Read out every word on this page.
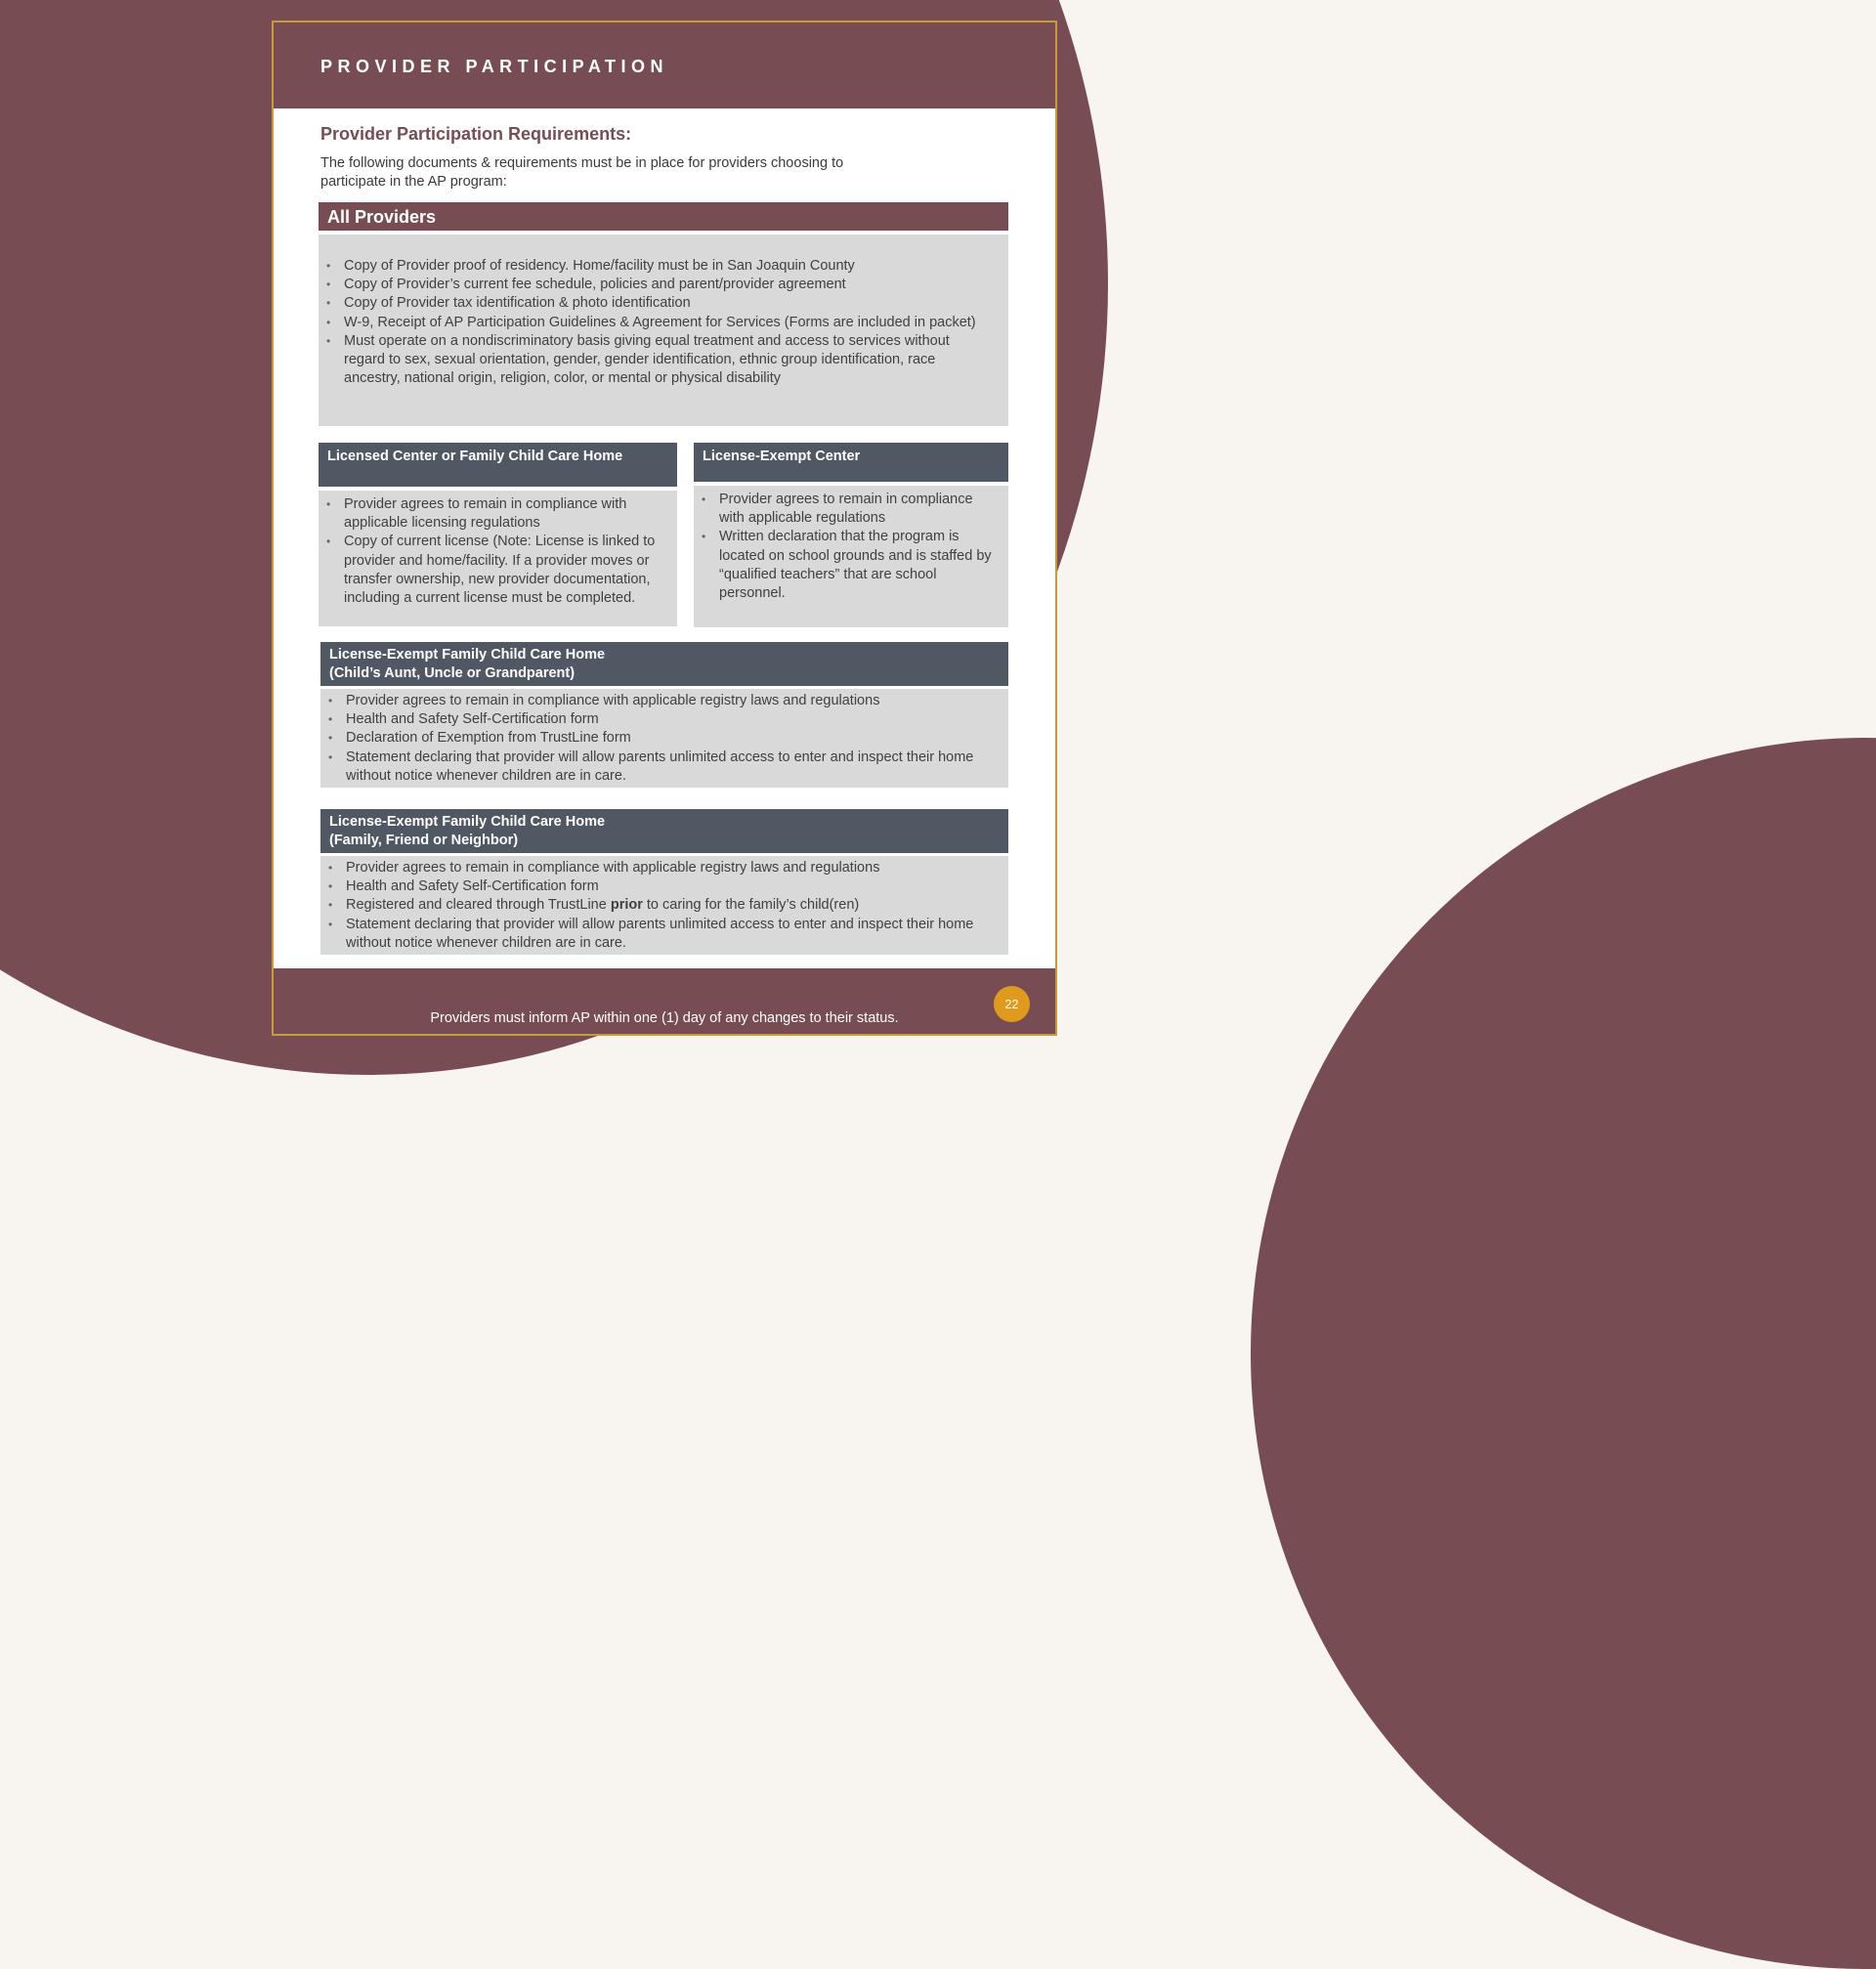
PROVIDER PARTICIPATION
Provider Participation Requirements:
The following documents & requirements must be in place for providers choosing to participate in the AP program:
All Providers
• Copy of Provider proof of residency. Home/facility must be in San Joaquin County
• Copy of Provider’s current fee schedule, policies and parent/provider agreement
• Copy of Provider tax identification & photo identification
• W-9, Receipt of AP Participation Guidelines & Agreement for Services (Forms are included in packet)
• Must operate on a nondiscriminatory basis giving equal treatment and access to services without regard to sex, sexual orientation, gender, gender identification, ethnic group identification, race ancestry, national origin, religion, color, or mental or physical disability
Licensed Center or Family Child Care Home
• Provider agrees to remain in compliance with applicable licensing regulations
• Copy of current license (Note: License is linked to provider and home/facility. If a provider moves or transfer ownership, new provider documentation, including a current license must be completed.
License-Exempt Center
• Provider agrees to remain in compliance with applicable regulations
• Written declaration that the program is located on school grounds and is staffed by “qualified teachers” that are school personnel.
License-Exempt Family Child Care Home
(Child’s Aunt, Uncle or Grandparent)
• Provider agrees to remain in compliance with applicable registry laws and regulations
• Health and Safety Self-Certification form
• Declaration of Exemption from TrustLine form
• Statement declaring that provider will allow parents unlimited access to enter and inspect their home without notice whenever children are in care.
License-Exempt Family Child Care Home
(Family, Friend or Neighbor)
• Provider agrees to remain in compliance with applicable registry laws and regulations
• Health and Safety Self-Certification form
• Registered and cleared through TrustLine prior to caring for the family’s child(ren)
• Statement declaring that provider will allow parents unlimited access to enter and inspect their home without notice whenever children are in care.
Providers must inform AP within one (1) day of any changes to their status.
22
